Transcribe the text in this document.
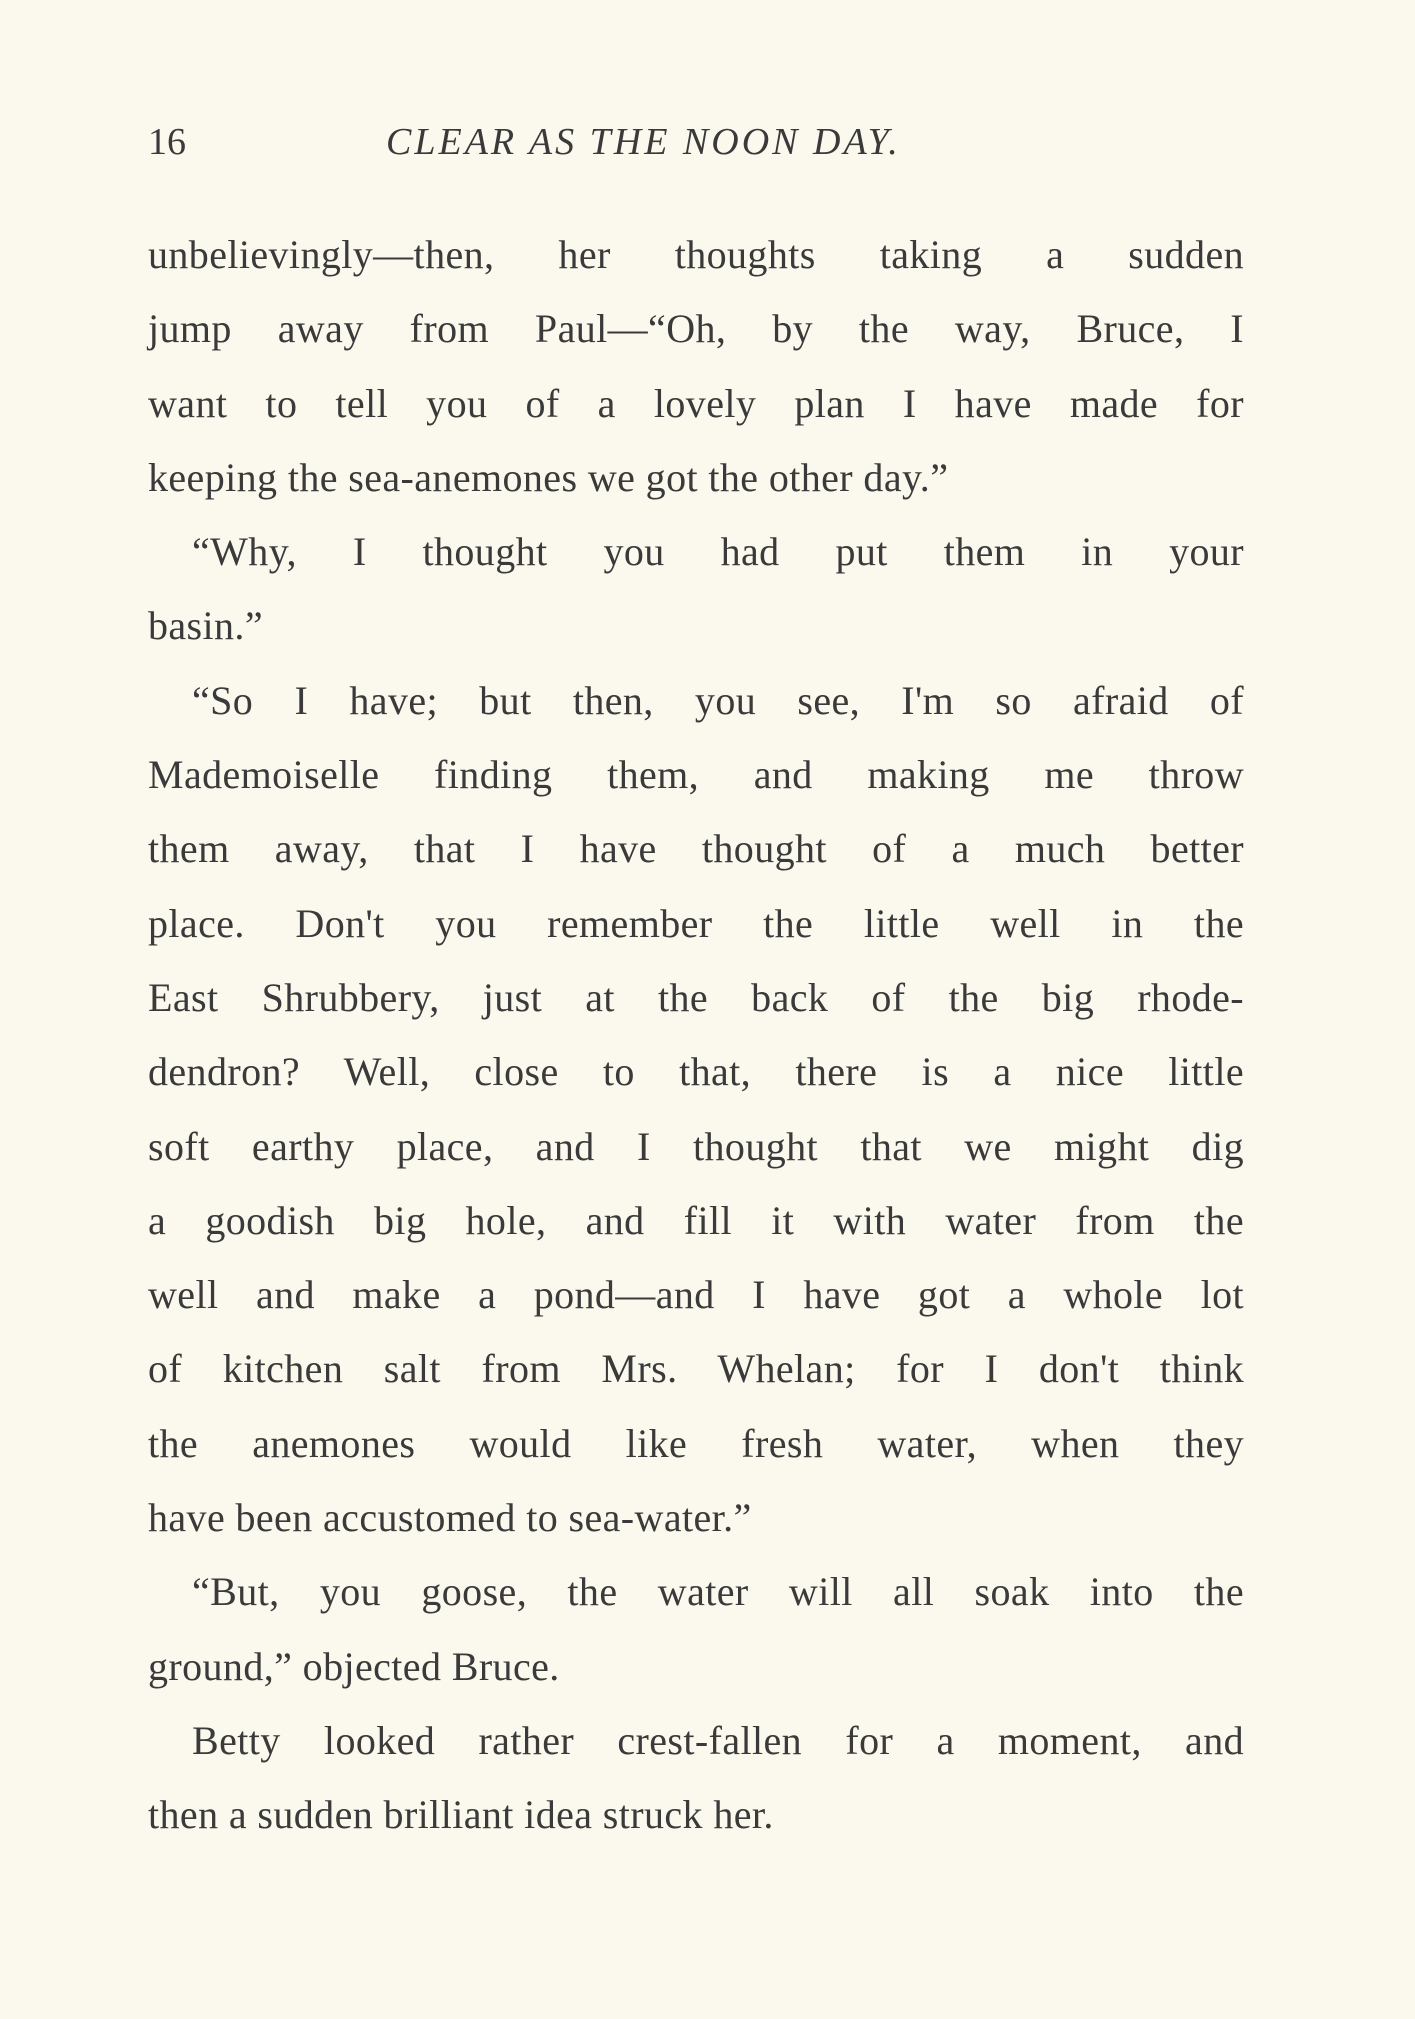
16	CLEAR AS THE NOON DAY.
unbelievingly—then, her thoughts taking a sudden
jump away from Paul—“Oh, by the way, Bruce, I
want to tell you of a lovely plan I have made for
keeping the sea-anemones we got the other day.”
“Why, I thought you had put them in your
basin.”
“So I have; but then, you see, I'm so afraid of
Mademoiselle finding them, and making me throw
them away, that I have thought of a much better
place. Don't you remember the little well in the
East Shrubbery, just at the back of the big rhode-
dendron? Well, close to that, there is a nice little
soft earthy place, and I thought that we might dig
a goodish big hole, and fill it with water from the
well and make a pond—and I have got a whole lot
of kitchen salt from Mrs. Whelan; for I don't think
the anemones would like fresh water, when they
have been accustomed to sea-water.”
“But, you goose, the water will all soak into the
ground,” objected Bruce.
Betty looked rather crest-fallen for a moment, and
then a sudden brilliant idea struck her.
